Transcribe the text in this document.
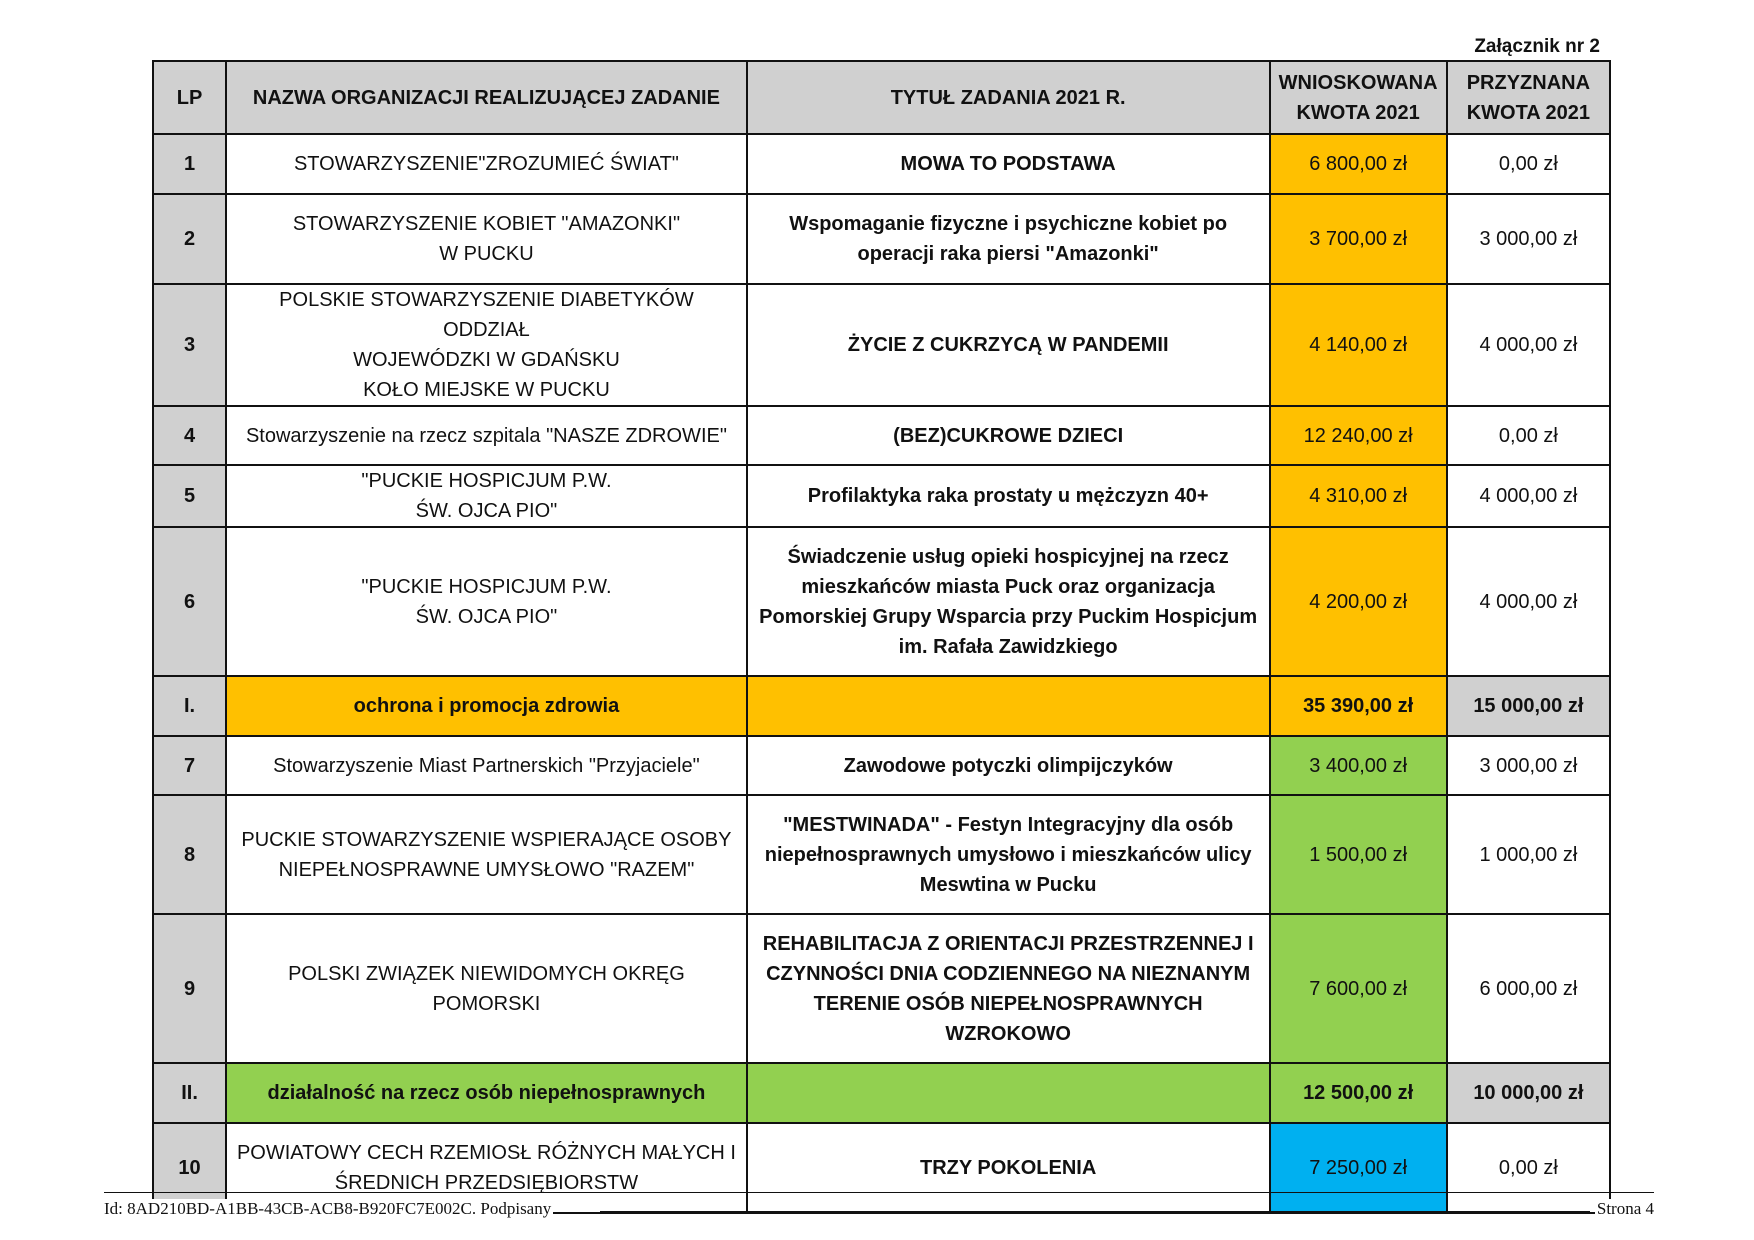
Załącznik nr 2
LP	NAZWA ORGANIZACJI REALIZUJĄCEJ ZADANIE	TYTUŁ ZADANIA 2021 R.	WNIOSKOWANA
KWOTA 2021	PRZYZNANA
KWOTA 2021
1	STOWARZYSZENIE"ZROZUMIEĆ ŚWIAT"	MOWA TO PODSTAWA	6 800,00 zł	0,00 zł
2	STOWARZYSZENIE KOBIET "AMAZONKI"
W PUCKU	Wspomaganie fizyczne i psychiczne kobiet po
operacji raka piersi "Amazonki"	3 700,00 zł	3 000,00 zł
3	POLSKIE STOWARZYSZENIE DIABETYKÓW ODDZIAŁ
WOJEWÓDZKI W GDAŃSKU
KOŁO MIEJSKE W PUCKU	ŻYCIE Z CUKRZYCĄ W PANDEMII	4 140,00 zł	4 000,00 zł
4	Stowarzyszenie na rzecz szpitala "NASZE ZDROWIE"	(BEZ)CUKROWE DZIECI	12 240,00 zł	0,00 zł
5	"PUCKIE HOSPICJUM P.W.
ŚW. OJCA PIO"	Profilaktyka raka prostaty u mężczyzn 40+	4 310,00 zł	4 000,00 zł
6	"PUCKIE HOSPICJUM P.W.
ŚW. OJCA PIO"	Świadczenie usług opieki hospicyjnej na rzecz
mieszkańców miasta Puck oraz organizacja
Pomorskiej Grupy Wsparcia przy Puckim Hospicjum
im. Rafała Zawidzkiego	4 200,00 zł	4 000,00 zł
I.	ochrona i promocja zdrowia		35 390,00 zł	15 000,00 zł
7	Stowarzyszenie Miast Partnerskich "Przyjaciele"	Zawodowe potyczki olimpijczyków	3 400,00 zł	3 000,00 zł
8	PUCKIE STOWARZYSZENIE WSPIERAJĄCE OSOBY
NIEPEŁNOSPRAWNE UMYSŁOWO "RAZEM"	"MESTWINADA" - Festyn Integracyjny dla osób
niepełnosprawnych umysłowo i mieszkańców ulicy
Meswtina w Pucku	1 500,00 zł	1 000,00 zł
9	POLSKI ZWIĄZEK NIEWIDOMYCH OKRĘG POMORSKI	REHABILITACJA Z ORIENTACJI PRZESTRZENNEJ I
CZYNNOŚCI DNIA CODZIENNEGO NA NIEZNANYM
TERENIE OSÓB NIEPEŁNOSPRAWNYCH WZROKOWO	7 600,00 zł	6 000,00 zł
II.	działalność na rzecz osób niepełnosprawnych		12 500,00 zł	10 000,00 zł
10	POWIATOWY CECH RZEMIOSŁ RÓŻNYCH MAŁYCH I
ŚREDNICH PRZEDSIĘBIORSTW	TRZY POKOLENIA	7 250,00 zł	0,00 zł
Id: 8AD210BD-A1BB-43CB-ACB8-B920FC7E002C. Podpisany	Strona 4
